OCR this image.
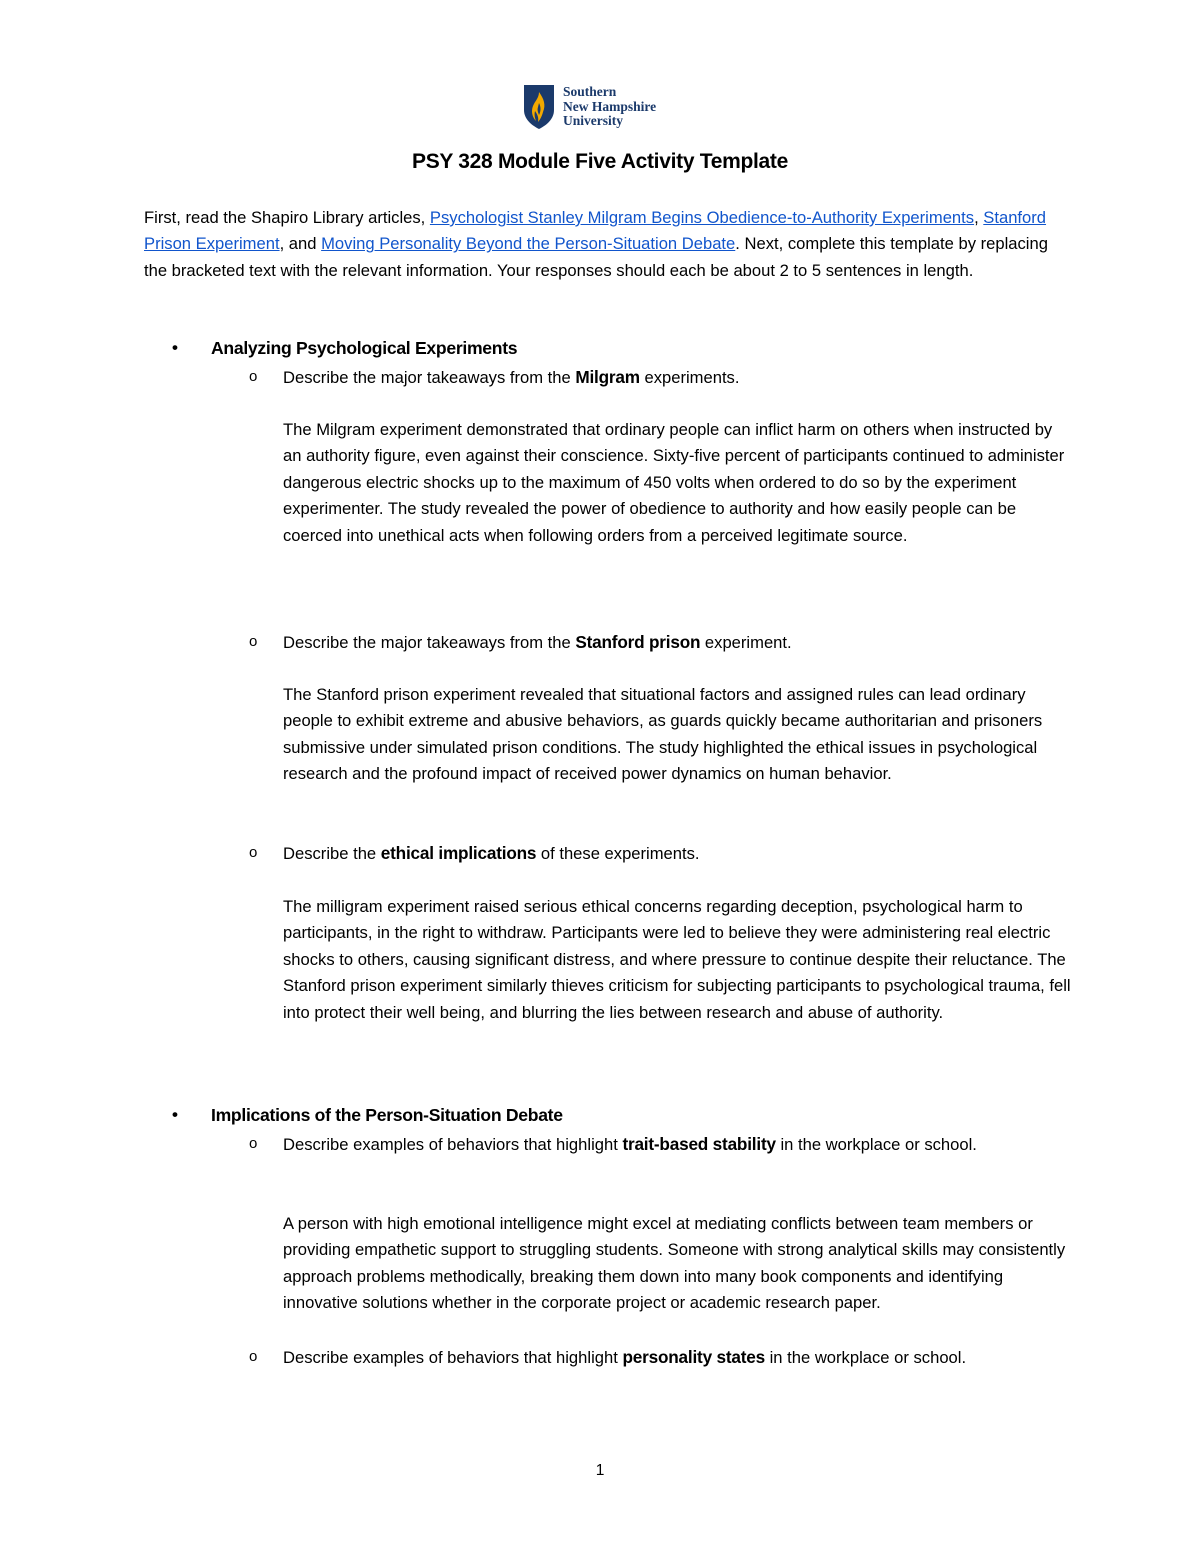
Southern
New Hampshire
University
PSY 328 Module Five Activity Template

First, read the Shapiro Library articles, Psychologist Stanley Milgram Begins Obedience-to-Authority Experiments, Stanford Prison Experiment, and Moving Personality Beyond the Person-Situation Debate. Next, complete this template by replacing the bracketed text with the relevant information. Your responses should each be about 2 to 5 sentences in length.

• Analyzing Psychological Experiments
o Describe the major takeaways from the Milgram experiments.

The Milgram experiment demonstrated that ordinary people can inflict harm on others when instructed by an authority figure, even against their conscience. Sixty-five percent of participants continued to administer dangerous electric shocks up to the maximum of 450 volts when ordered to do so by the experiment experimenter. The study revealed the power of obedience to authority and how easily people can be coerced into unethical acts when following orders from a perceived legitimate source.

o Describe the major takeaways from the Stanford prison experiment.

The Stanford prison experiment revealed that situational factors and assigned rules can lead ordinary people to exhibit extreme and abusive behaviors, as guards quickly became authoritarian and prisoners submissive under simulated prison conditions. The study highlighted the ethical issues in psychological research and the profound impact of received power dynamics on human behavior.

o Describe the ethical implications of these experiments.

The milligram experiment raised serious ethical concerns regarding deception, psychological harm to participants, in the right to withdraw. Participants were led to believe they were administering real electric shocks to others, causing significant distress, and where pressure to continue despite their reluctance. The Stanford prison experiment similarly thieves criticism for subjecting participants to psychological trauma, fell into protect their well being, and blurring the lies between research and abuse of authority.

• Implications of the Person-Situation Debate
o Describe examples of behaviors that highlight trait-based stability in the workplace or school.

A person with high emotional intelligence might excel at mediating conflicts between team members or providing empathetic support to struggling students. Someone with strong analytical skills may consistently approach problems methodically, breaking them down into many book components and identifying innovative solutions whether in the corporate project or academic research paper.

o Describe examples of behaviors that highlight personality states in the workplace or school.

1
